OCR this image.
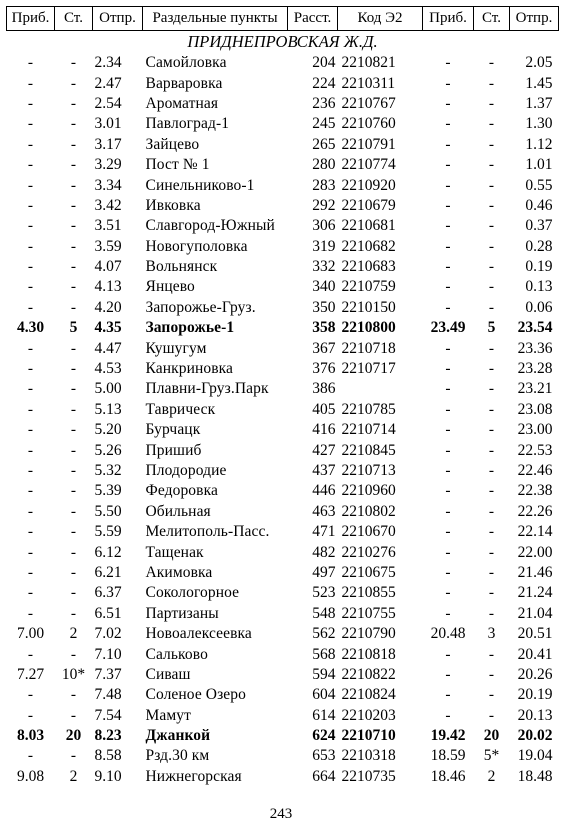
Приб.	Ст.	Отпр.	Раздельные пункты	Расст.	Код Э2	Приб.	Ст.	Отпр.
ПРИДНЕПРОВСКАЯ Ж.Д.								
-	-	2.34	Самойловка	204	2210821	-	-	2.05
-	-	2.47	Варваровка	224	2210311	-	-	1.45
-	-	2.54	Ароматная	236	2210767	-	-	1.37
-	-	3.01	Павлоград-1	245	2210760	-	-	1.30
-	-	3.17	Зайцево	265	2210791	-	-	1.12
-	-	3.29	Пост № 1	280	2210774	-	-	1.01
-	-	3.34	Синельниково-1	283	2210920	-	-	0.55
-	-	3.42	Ивковка	292	2210679	-	-	0.46
-	-	3.51	Славгород-Южный	306	2210681	-	-	0.37
-	-	3.59	Новогуполовка	319	2210682	-	-	0.28
-	-	4.07	Вольнянск	332	2210683	-	-	0.19
-	-	4.13	Янцево	340	2210759	-	-	0.13
-	-	4.20	Запорожье-Груз.	350	2210150	-	-	0.06
4.30	5	4.35	Запорожье-1	358	2210800	23.49	5	23.54
-	-	4.47	Кушугум	367	2210718	-	-	23.36
-	-	4.53	Канкриновка	376	2210717	-	-	23.28
-	-	5.00	Плавни-Груз.Парк	386		-	-	23.21
-	-	5.13	Таврическ	405	2210785	-	-	23.08
-	-	5.20	Бурчацк	416	2210714	-	-	23.00
-	-	5.26	Пришиб	427	2210845	-	-	22.53
-	-	5.32	Плодородие	437	2210713	-	-	22.46
-	-	5.39	Федоровка	446	2210960	-	-	22.38
-	-	5.50	Обильная	463	2210802	-	-	22.26
-	-	5.59	Мелитополь-Пасс.	471	2210670	-	-	22.14
-	-	6.12	Тащенак	482	2210276	-	-	22.00
-	-	6.21	Акимовка	497	2210675	-	-	21.46
-	-	6.37	Сокологорное	523	2210855	-	-	21.24
-	-	6.51	Партизаны	548	2210755	-	-	21.04
7.00	2	7.02	Новоалексеевка	562	2210790	20.48	3	20.51
-	-	7.10	Сальково	568	2210818	-	-	20.41
7.27	10*	7.37	Сиваш	594	2210822	-	-	20.26
-	-	7.48	Соленое Озеро	604	2210824	-	-	20.19
-	-	7.54	Мамут	614	2210203	-	-	20.13
8.03	20	8.23	Джанкой	624	2210710	19.42	20	20.02
-	-	8.58	Рзд.30 км	653	2210318	18.59	5*	19.04
9.08	2	9.10	Нижнегорская	664	2210735	18.46	2	18.48
243
